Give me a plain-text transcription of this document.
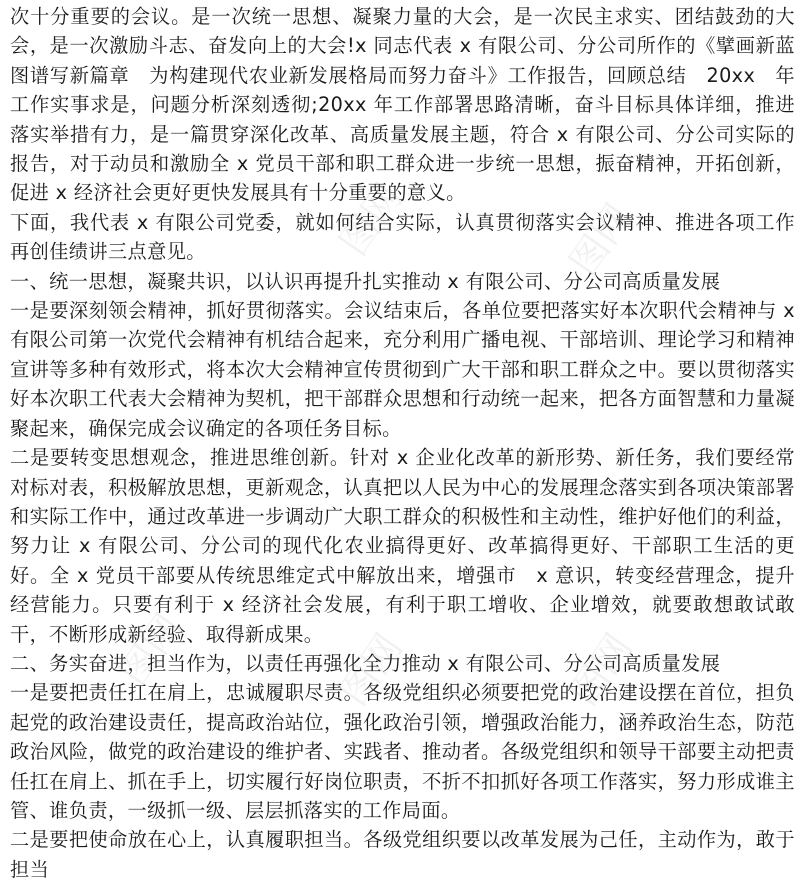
次十分重要的会议。是一次统一思想、凝聚力量的大会，是一次民主求实、团结鼓劲的大会，是一次激励斗志、奋发向上的大会!x 同志代表 x 有限公司、分公司所作的《擘画新蓝图谱写新篇章　为构建现代农业新发展格局而努力奋斗》工作报告，回顾总结　20xx　年工作实事求是，问题分析深刻透彻;20xx 年工作部署思路清晰，奋斗目标具体详细，推进落实举措有力，是一篇贯穿深化改革、高质量发展主题，符合 x 有限公司、分公司实际的报告，对于动员和激励全 x 党员干部和职工群众进一步统一思想，振奋精神，开拓创新，促进 x 经济社会更好更快发展具有十分重要的意义。

下面，我代表 x 有限公司党委，就如何结合实际，认真贯彻落实会议精神、推进各项工作再创佳绩讲三点意见。

一、统一思想，凝聚共识，以认识再提升扎实推动 x 有限公司、分公司高质量发展

一是要深刻领会精神，抓好贯彻落实。会议结束后，各单位要把落实好本次职代会精神与 x 有限公司第一次党代会精神有机结合起来，充分利用广播电视、干部培训、理论学习和精神宣讲等多种有效形式，将本次大会精神宣传贯彻到广大干部和职工群众之中。要以贯彻落实好本次职工代表大会精神为契机，把干部群众思想和行动统一起来，把各方面智慧和力量凝聚起来，确保完成会议确定的各项任务目标。

二是要转变思想观念，推进思维创新。针对 x 企业化改革的新形势、新任务，我们要经常对标对表，积极解放思想，更新观念，认真把以人民为中心的发展理念落实到各项决策部署和实际工作中，通过改革进一步调动广大职工群众的积极性和主动性，维护好他们的利益，努力让 x 有限公司、分公司的现代化农业搞得更好、改革搞得更好、干部职工生活的更好。全 x 党员干部要从传统思维定式中解放出来，增强市　x 意识，转变经营理念，提升经营能力。只要有利于 x 经济社会发展，有利于职工增收、企业增效，就要敢想敢试敢干，不断形成新经验、取得新成果。

二、务实奋进，担当作为，以责任再强化全力推动 x 有限公司、分公司高质量发展

一是要把责任扛在肩上，忠诚履职尽责。各级党组织必须要把党的政治建设摆在首位，担负起党的政治建设责任，提高政治站位，强化政治引领，增强政治能力，涵养政治生态，防范政治风险，做党的政治建设的维护者、实践者、推动者。各级党组织和领导干部要主动把责任扛在肩上、抓在手上，切实履行好岗位职责，不折不扣抓好各项工作落实，努力形成谁主管、谁负责，一级抓一级、层层抓落实的工作局面。

二是要把使命放在心上，认真履职担当。各级党组织要以改革发展为己任，主动作为，敢于担当

图网	图网
图网	图网	图网
